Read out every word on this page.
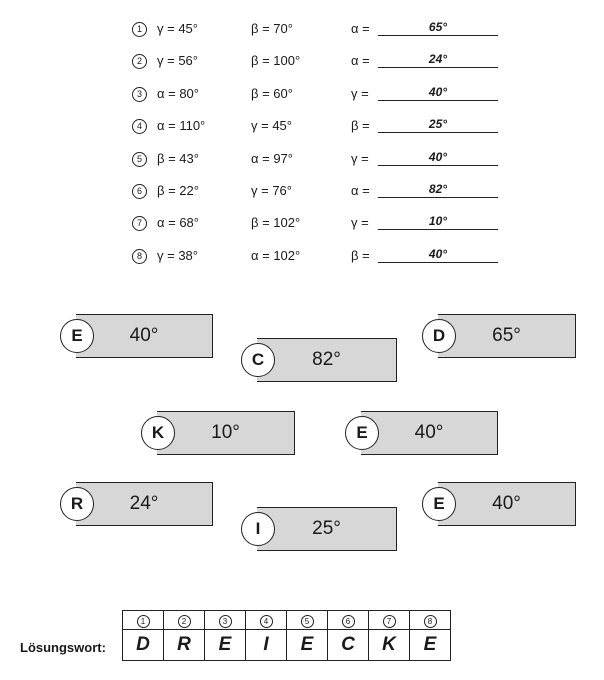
1	γ = 45°	β = 70°	α =	65°
2	γ = 56°	β = 100°	α =	24°
3	α = 80°	β = 60°	γ =	40°
4	α = 110°	γ = 45°	β =	25°
5	β = 43°	α = 97°	γ =	40°
6	β = 22°	γ = 76°	α =	82°
7	α = 68°	β = 102°	γ =	10°
8	γ = 38°	α = 102°	β =	40°
40°
E
82°
C
65°
D
10°
K	40°
E
24°
R
25°
I
40°
E
Lösungswort:
1	2	3	4	5	6	7	8
D	R	E	I	E	C	K	E
